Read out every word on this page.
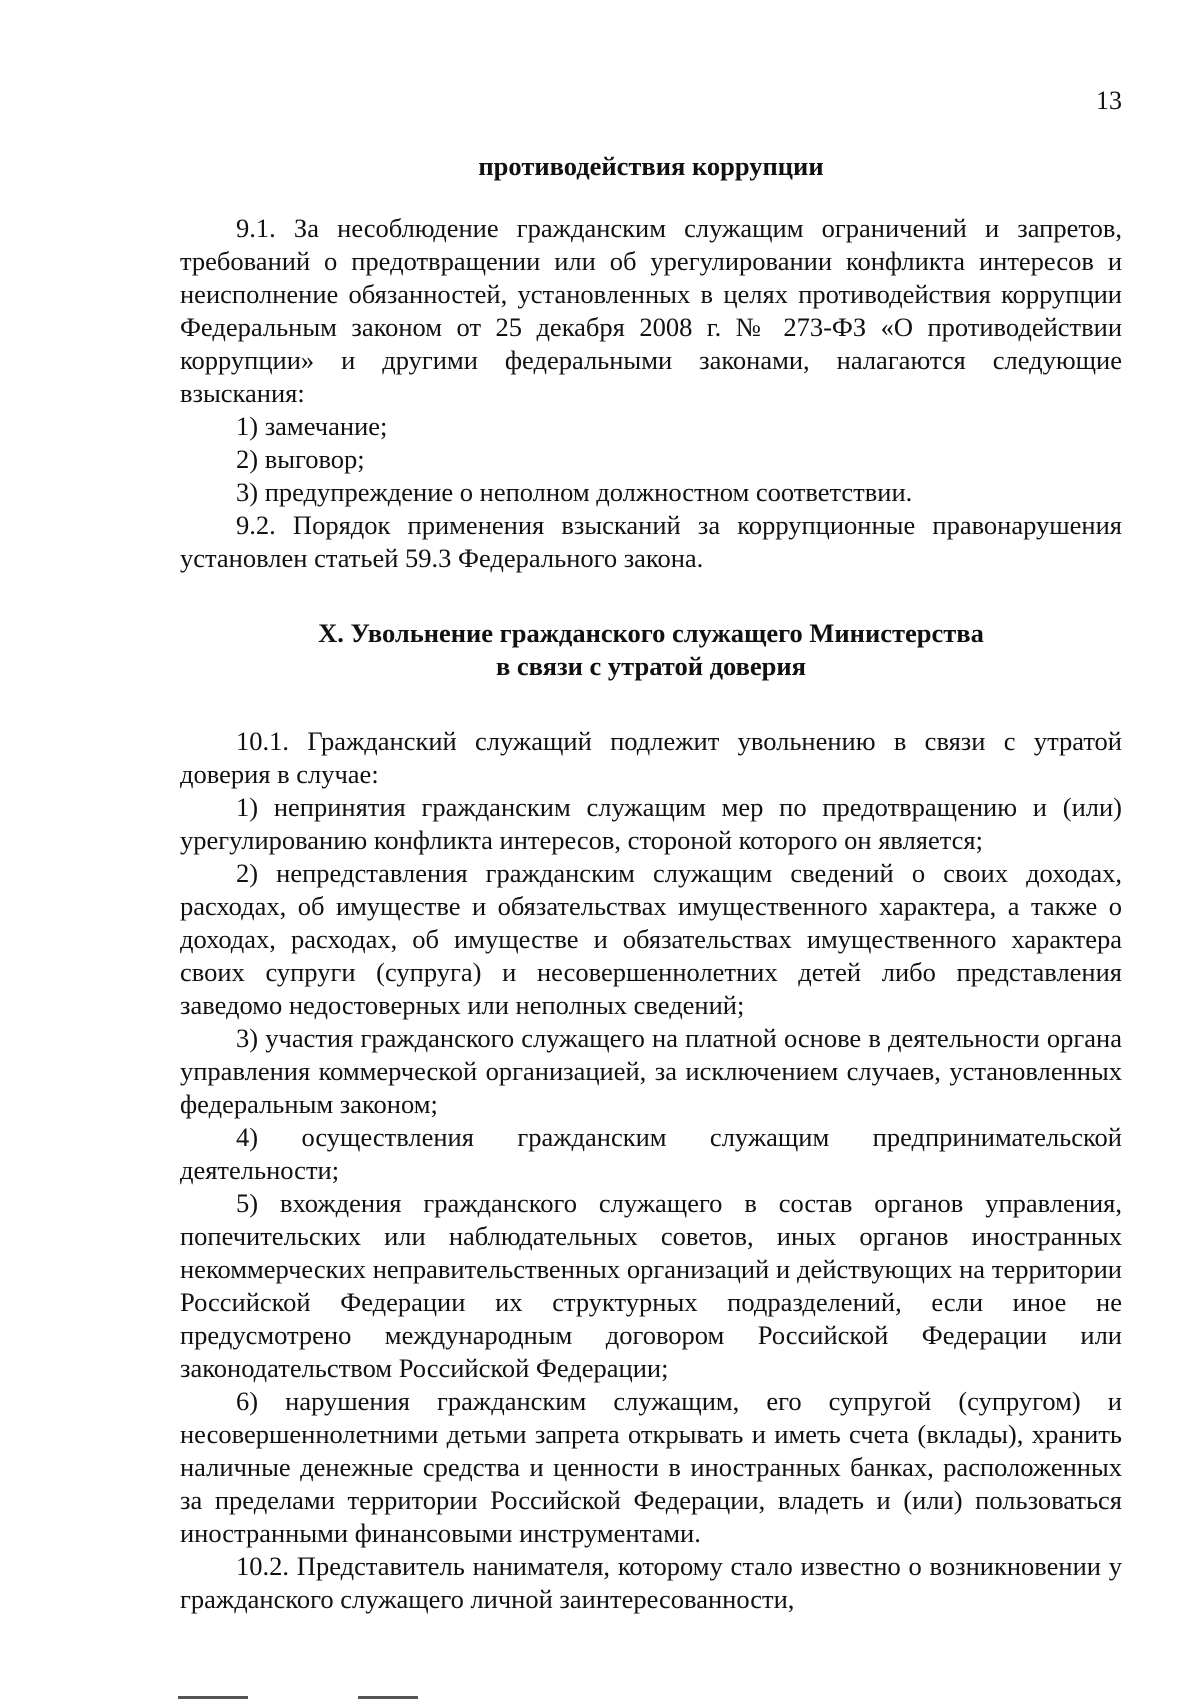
13
противодействия коррупции

9.1. За несоблюдение гражданским служащим ограничений и запретов, требований о предотвращении или об урегулировании конфликта интересов и неисполнение обязанностей, установленных в целях противодействия коррупции Федеральным законом от 25 декабря 2008 г. № 273-ФЗ «О противодействии коррупции» и другими федеральными законами, налагаются следующие взыскания:

1) замечание;

2) выговор;

3) предупреждение о неполном должностном соответствии.

9.2. Порядок применения взысканий за коррупционные правонарушения установлен статьей 59.3 Федерального закона.

X. Увольнение гражданского служащего Министерства
в связи с утратой доверия

10.1. Гражданский служащий подлежит увольнению в связи с утратой доверия в случае:

1) непринятия гражданским служащим мер по предотвращению и (или) урегулированию конфликта интересов, стороной которого он является;

2) непредставления гражданским служащим сведений о своих доходах, расходах, об имуществе и обязательствах имущественного характера, а также о доходах, расходах, об имуществе и обязательствах имущественного характера своих супруги (супруга) и несовершеннолетних детей либо представления заведомо недостоверных или неполных сведений;

3) участия гражданского служащего на платной основе в деятельности органа управления коммерческой организацией, за исключением случаев, установленных федеральным законом;

4) осуществления гражданским служащим предпринимательской деятельности;

5) вхождения гражданского служащего в состав органов управления, попечительских или наблюдательных советов, иных органов иностранных некоммерческих неправительственных организаций и действующих на территории Российской Федерации их структурных подразделений, если иное не предусмотрено международным договором Российской Федерации или законодательством Российской Федерации;

6) нарушения гражданским служащим, его супругой (супругом) и несовершеннолетними детьми запрета открывать и иметь счета (вклады), хранить наличные денежные средства и ценности в иностранных банках, расположенных за пределами территории Российской Федерации, владеть и (или) пользоваться иностранными финансовыми инструментами.

10.2. Представитель нанимателя, которому стало известно о возникновении у гражданского служащего личной заинтересованности,
